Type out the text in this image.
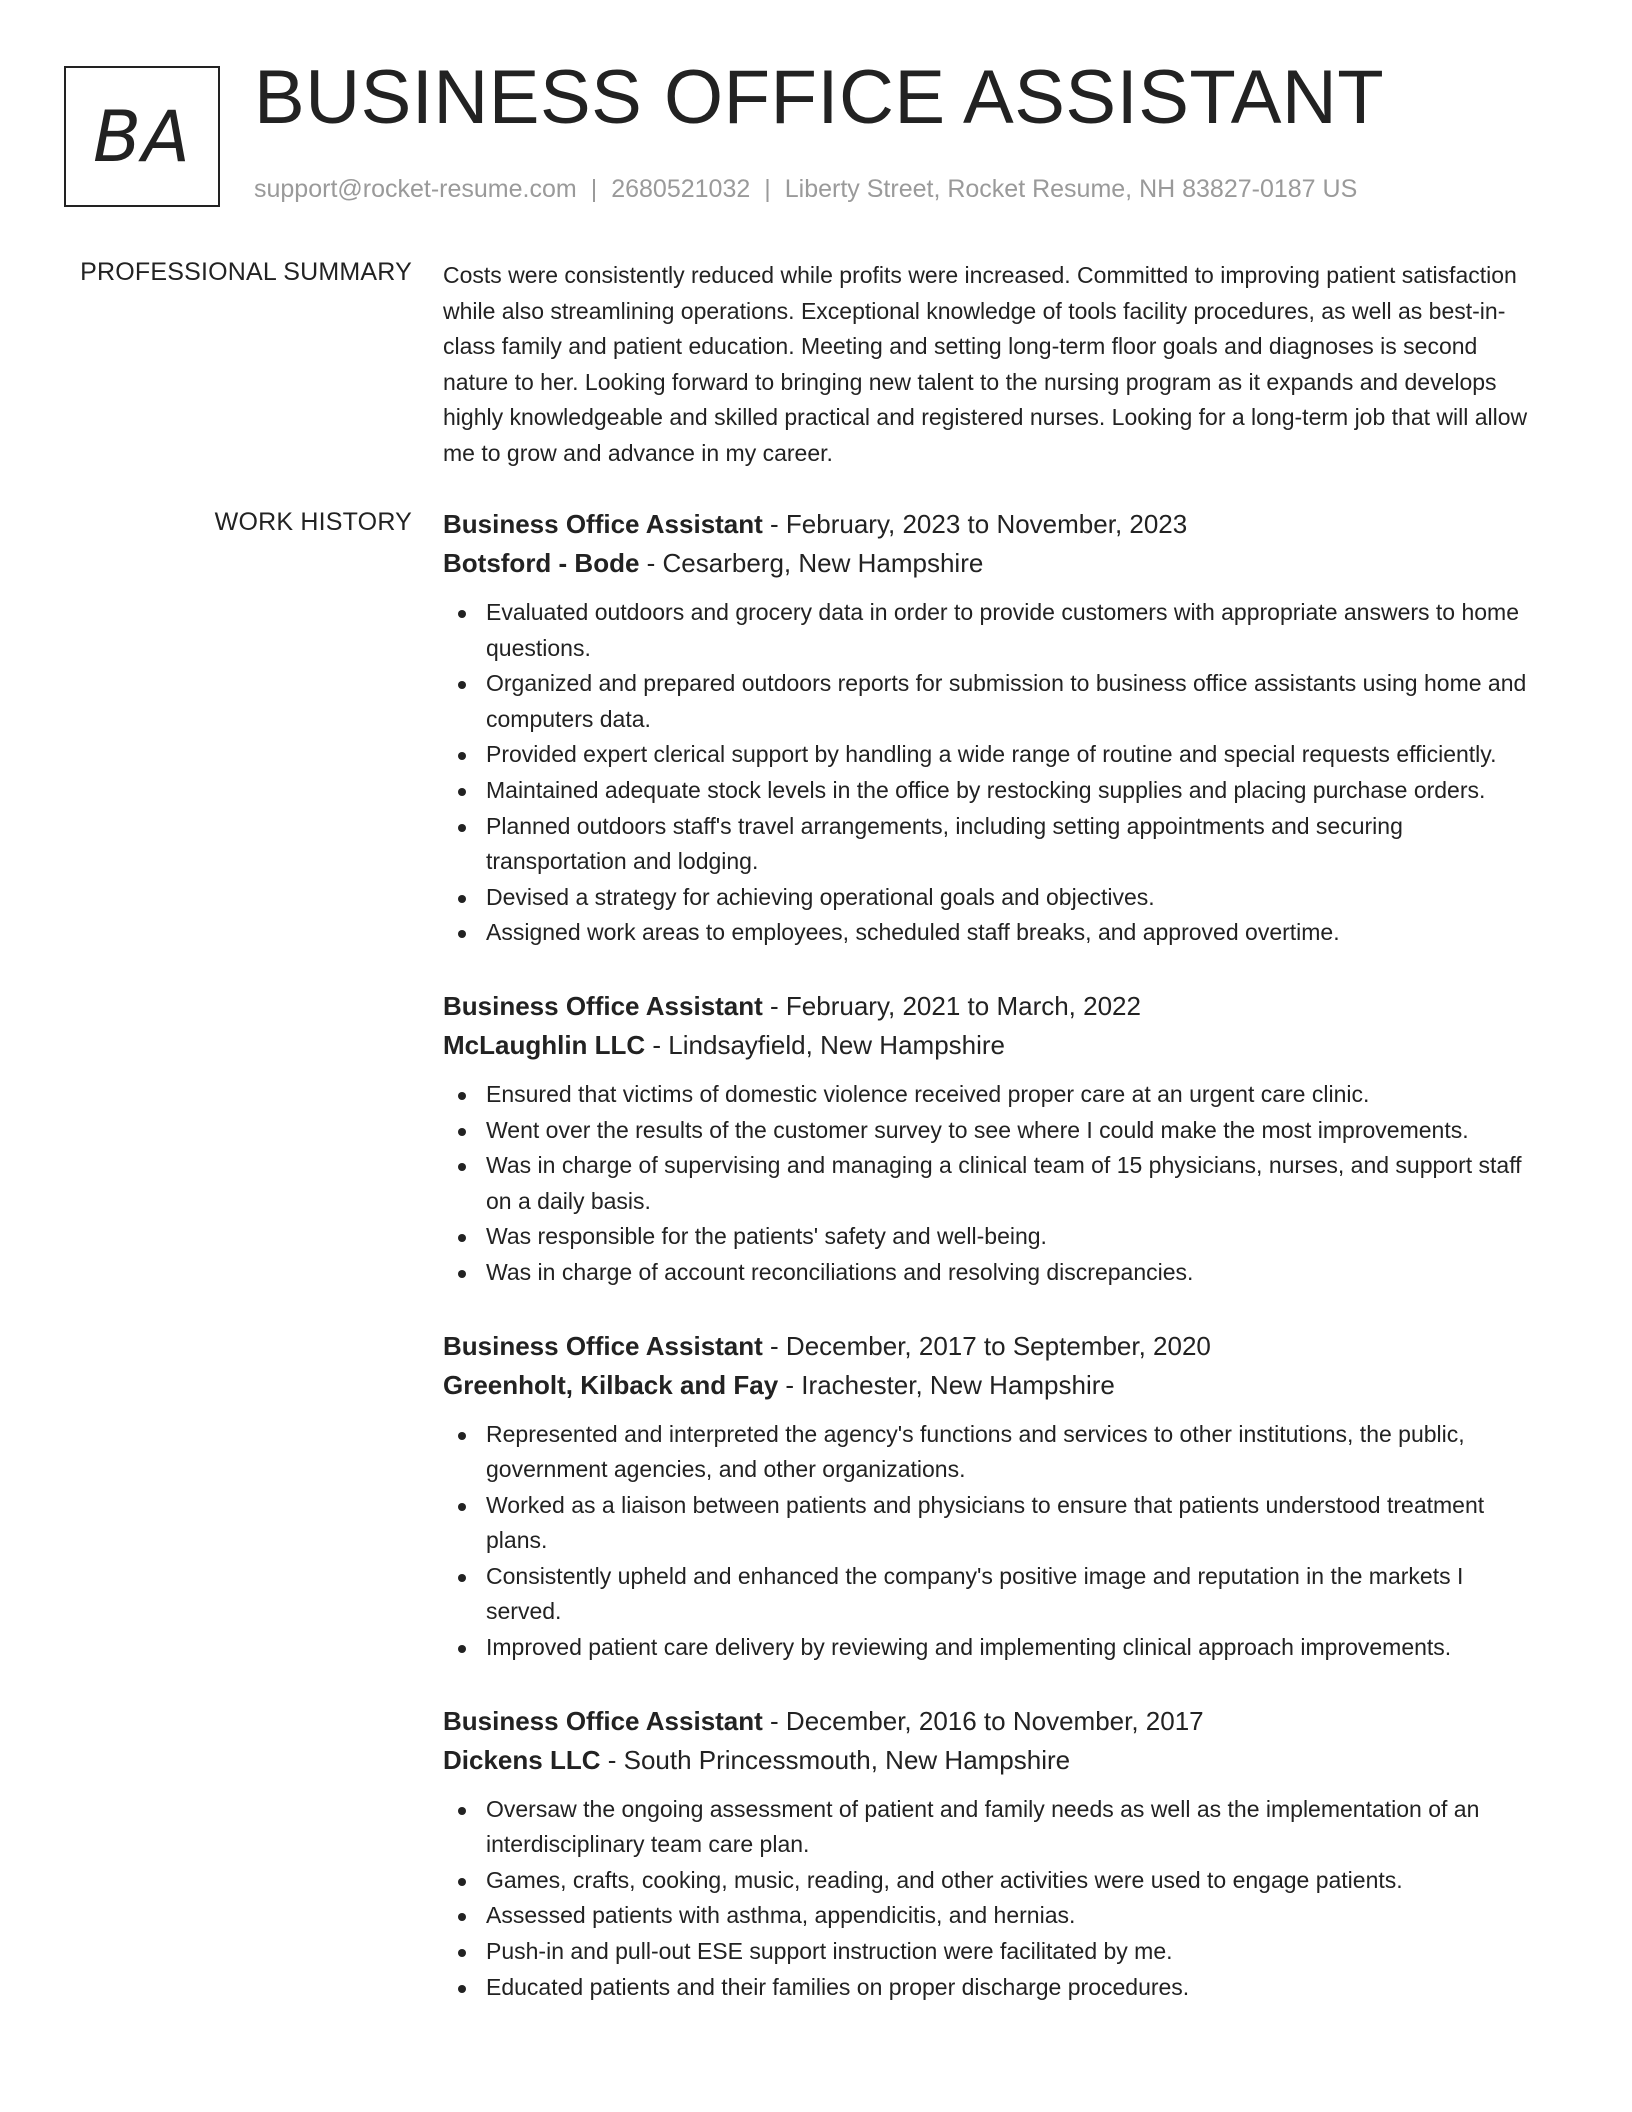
BA BUSINESS OFFICE ASSISTANT
support@rocket-resume.com | 2680521032 | Liberty Street, Rocket Resume, NH 83827-0187 US
PROFESSIONAL SUMMARY Costs were consistently reduced while profits were increased. Committed to improving patient satisfaction while also streamlining operations. Exceptional knowledge of tools facility procedures, as well as best-in-class family and patient education. Meeting and setting long-term floor goals and diagnoses is second nature to her. Looking forward to bringing new talent to the nursing program as it expands and develops highly knowledgeable and skilled practical and registered nurses. Looking for a long-term job that will allow me to grow and advance in my career.

WORK HISTORY Business Office Assistant - February, 2023 to November, 2023
Botsford - Bode - Cesarberg, New Hampshire
Evaluated outdoors and grocery data in order to provide customers with appropriate answers to home questions.
Organized and prepared outdoors reports for submission to business office assistants using home and computers data.
Provided expert clerical support by handling a wide range of routine and special requests efficiently.
Maintained adequate stock levels in the office by restocking supplies and placing purchase orders.
Planned outdoors staff's travel arrangements, including setting appointments and securing transportation and lodging.
Devised a strategy for achieving operational goals and objectives.
Assigned work areas to employees, scheduled staff breaks, and approved overtime.
Business Office Assistant - February, 2021 to March, 2022
McLaughlin LLC - Lindsayfield, New Hampshire
Ensured that victims of domestic violence received proper care at an urgent care clinic.
Went over the results of the customer survey to see where I could make the most improvements.
Was in charge of supervising and managing a clinical team of 15 physicians, nurses, and support staff on a daily basis.
Was responsible for the patients' safety and well-being.
Was in charge of account reconciliations and resolving discrepancies.
Business Office Assistant - December, 2017 to September, 2020
Greenholt, Kilback and Fay - Irachester, New Hampshire
Represented and interpreted the agency's functions and services to other institutions, the public, government agencies, and other organizations.
Worked as a liaison between patients and physicians to ensure that patients understood treatment plans.
Consistently upheld and enhanced the company's positive image and reputation in the markets I served.
Improved patient care delivery by reviewing and implementing clinical approach improvements.
Business Office Assistant - December, 2016 to November, 2017
Dickens LLC - South Princessmouth, New Hampshire
Oversaw the ongoing assessment of patient and family needs as well as the implementation of an interdisciplinary team care plan.
Games, crafts, cooking, music, reading, and other activities were used to engage patients.
Assessed patients with asthma, appendicitis, and hernias.
Push-in and pull-out ESE support instruction were facilitated by me.
Educated patients and their families on proper discharge procedures.
